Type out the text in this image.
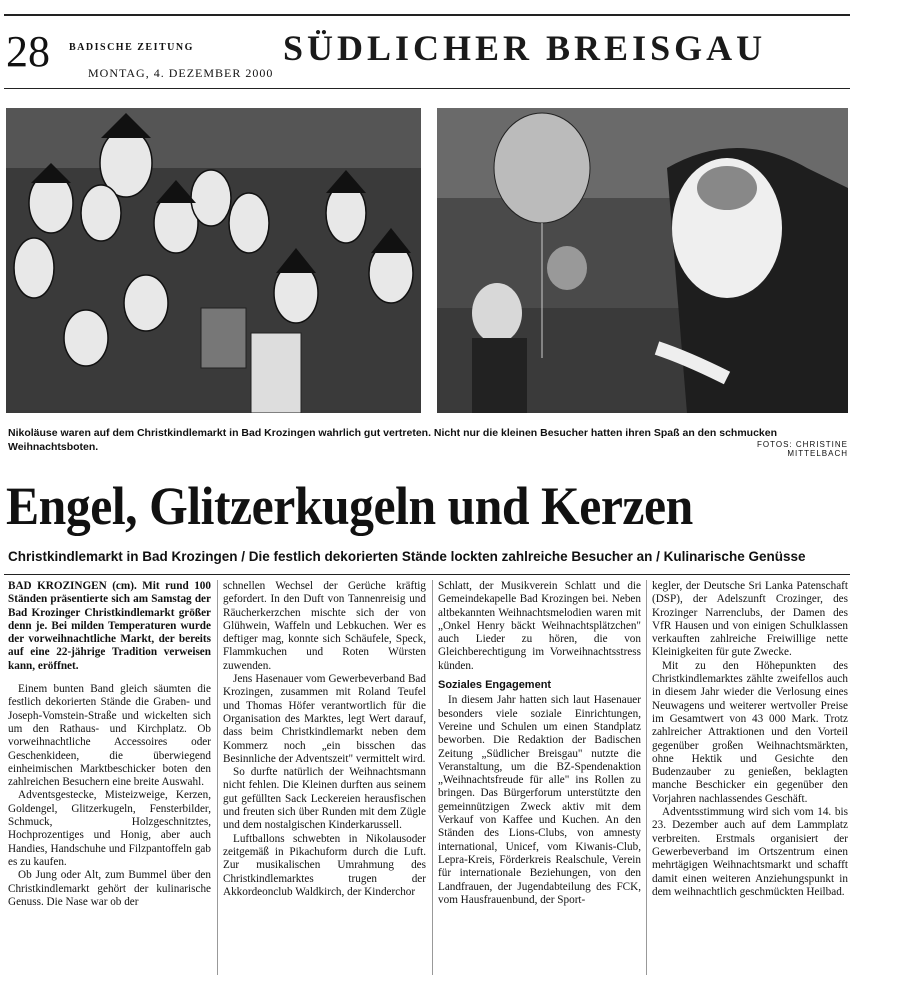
28 BADISCHE ZEITUNG
MONTAG, 4. DEZEMBER 2000
SÜDLICHER BREISGAU
Nikoläuse waren auf dem Christkindlemarkt in Bad Krozingen wahrlich gut vertreten. Nicht nur die kleinen Besucher hatten ihren Spaß an den schmucken Weihnachtsboten.	FOTOS: CHRISTINE MITTELBACH
Engel, Glitzerkugeln und Kerzen
Christkindlemarkt in Bad Krozingen / Die festlich dekorierten Stände lockten zahlreiche Besucher an / Kulinarische Genüsse

BAD KROZINGEN (cm). Mit rund 100 Ständen präsentierte sich am Samstag der Bad Krozinger Christkindlemarkt größer denn je. Bei milden Temperaturen wurde der vorweihnachtliche Markt, der bereits auf eine 22-jährige Tradition verweisen kann, eröffnet.

Einem bunten Band gleich säumten die festlich dekorierten Stände die Graben- und Joseph-Vomstein-Straße und wickelten sich um den Rathaus- und Kirchplatz. Ob vorweihnachtliche Accessoires oder Geschenkideen, die überwiegend einheimischen Marktbeschicker boten den zahlreichen Besuchern eine breite Auswahl.

Adventsgestecke, Misteizweige, Kerzen, Goldengel, Glitzerkugeln, Fensterbilder, Schmuck, Holzgeschnitztes, Hochprozentiges und Honig, aber auch Handies, Handschuhe und Filzpantoffeln gab es zu kaufen.

Ob Jung oder Alt, zum Bummel über den Christkindlemarkt gehört der kulinarische Genuss. Die Nase war ob der

schnellen Wechsel der Gerüche kräftig gefordert. In den Duft von Tannenreisig und Räucherkerzchen mischte sich der von Glühwein, Waffeln und Lebkuchen. Wer es deftiger mag, konnte sich Schäufele, Speck, Flammkuchen und Roten Würsten zuwenden.

Jens Hasenauer vom Gewerbeverband Bad Krozingen, zusammen mit Roland Teufel und Thomas Höfer verantwortlich für die Organisation des Marktes, legt Wert darauf, dass beim Christkindlemarkt neben dem Kommerz noch „ein bisschen das Besinnliche der Adventszeit" vermittelt wird.

So durfte natürlich der Weihnachtsmann nicht fehlen. Die Kleinen durften aus seinem gut gefüllten Sack Leckereien herausfischen und freuten sich über Runden mit dem Zügle und dem nostalgischen Kinderkarussell.

Luftballons schwebten in Nikolausoder zeitgemäß in Pikachuform durch die Luft. Zur musikalischen Umrahmung des Christkindlemarktes trugen der Akkordeonclub Waldkirch, der Kinderchor

Schlatt, der Musikverein Schlatt und die Gemeindekapelle Bad Krozingen bei. Neben altbekannten Weihnachtsmelodien waren mit „Onkel Henry bäckt Weihnachtsplätzchen" auch Lieder zu hören, die von Gleichberechtigung im Vorweihnachtsstress künden.

Soziales Engagement

In diesem Jahr hatten sich laut Hasenauer besonders viele soziale Einrichtungen, Vereine und Schulen um einen Standplatz beworben. Die Redaktion der Badischen Zeitung „Südlicher Breisgau" nutzte die Veranstaltung, um die BZ-Spendenaktion „Weihnachtsfreude für alle" ins Rollen zu bringen. Das Bürgerforum unterstützte den gemeinnützigen Zweck aktiv mit dem Verkauf von Kaffee und Kuchen. An den Ständen des Lions-Clubs, von amnesty international, Unicef, vom Kiwanis-Club, Lepra-Kreis, Förderkreis Realschule, Verein für internationale Beziehungen, von den Landfrauen, der Jugendabteilung des FCK, vom Hausfrauenbund, der Sport-

kegler, der Deutsche Sri Lanka Patenschaft (DSP), der Adelszunft Crozinger, des Krozinger Narrenclubs, der Damen des VfR Hausen und von einigen Schulklassen verkauften zahlreiche Freiwillige nette Kleinigkeiten für gute Zwecke.

Mit zu den Höhepunkten des Christkindlemarktes zählte zweifellos auch in diesem Jahr wieder die Verlosung eines Neuwagens und weiterer wertvoller Preise im Gesamtwert von 43 000 Mark. Trotz zahlreicher Attraktionen und den Vorteil gegenüber großen Weihnachtsmärkten, ohne Hektik und Gesichte den Budenzauber zu genießen, beklagten manche Beschicker ein gegenüber den Vorjahren nachlassendes Geschäft.

Adventsstimmung wird sich vom 14. bis 23. Dezember auch auf dem Lammplatz verbreiten. Erstmals organisiert der Gewerbeverband im Ortszentrum einen mehrtägigen Weihnachtsmarkt und schafft damit einen weiteren Anziehungspunkt in dem weihnachtlich geschmückten Heilbad.
